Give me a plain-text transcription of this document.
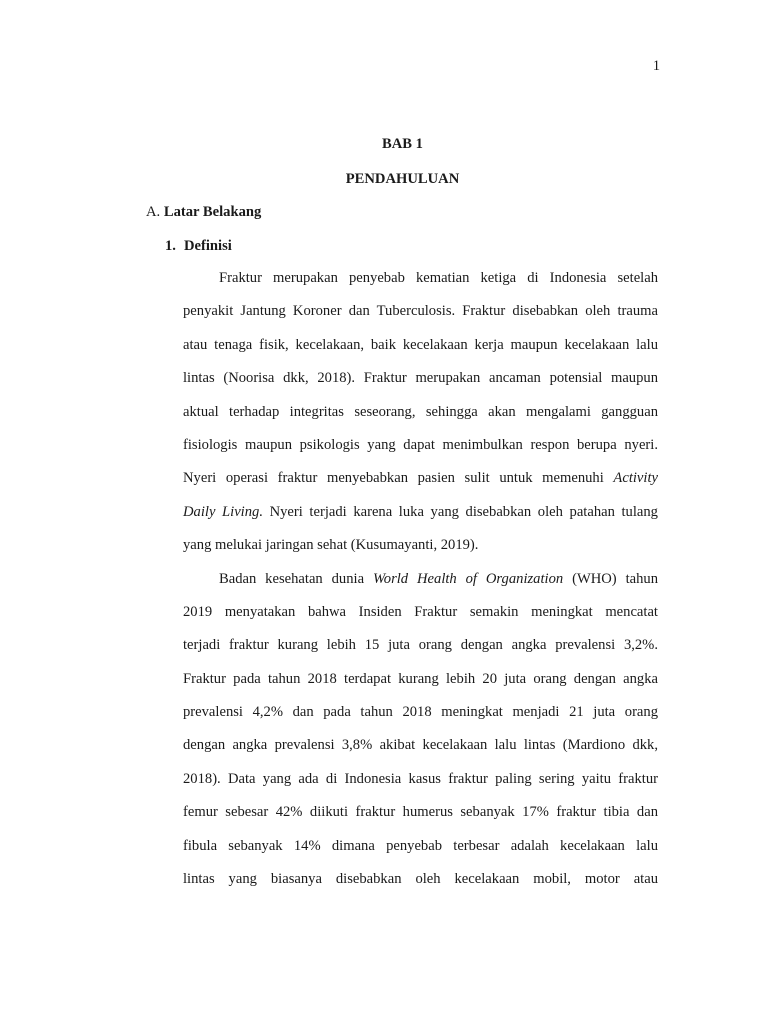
1
BAB 1
PENDAHULUAN
A. Latar Belakang
1. Definisi
Fraktur merupakan penyebab kematian ketiga di Indonesia setelah
penyakit Jantung Koroner dan Tuberculosis. Fraktur disebabkan oleh trauma
atau tenaga fisik, kecelakaan, baik kecelakaan kerja maupun kecelakaan lalu
lintas (Noorisa dkk, 2018). Fraktur merupakan ancaman potensial maupun
aktual terhadap integritas seseorang, sehingga akan mengalami gangguan
fisiologis maupun psikologis yang dapat menimbulkan respon berupa nyeri.
Nyeri operasi fraktur menyebabkan pasien sulit untuk memenuhi Activity
Daily Living. Nyeri terjadi karena luka yang disebabkan oleh patahan tulang
yang melukai jaringan sehat (Kusumayanti, 2019).
Badan kesehatan dunia World Health of Organization (WHO) tahun
2019 menyatakan bahwa Insiden Fraktur semakin meningkat mencatat
terjadi fraktur kurang lebih 15 juta orang dengan angka prevalensi 3,2%.
Fraktur pada tahun 2018 terdapat kurang lebih 20 juta orang dengan angka
prevalensi 4,2% dan pada tahun 2018 meningkat menjadi 21 juta orang
dengan angka prevalensi 3,8% akibat kecelakaan lalu lintas (Mardiono dkk,
2018). Data yang ada di Indonesia kasus fraktur paling sering yaitu fraktur
femur sebesar 42% diikuti fraktur humerus sebanyak 17% fraktur tibia dan
fibula sebanyak 14% dimana penyebab terbesar adalah kecelakaan lalu
lintas yang biasanya disebabkan oleh kecelakaan mobil, motor atau
